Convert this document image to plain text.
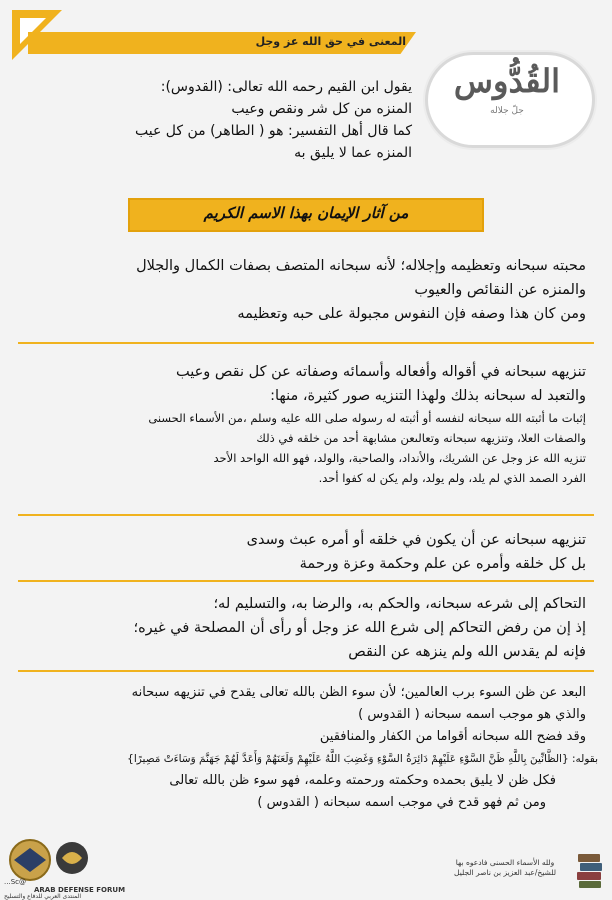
المعنى في حق الله عز وجل
القُدُّوس
جلّ جلاله

يقول ابن القيم رحمه الله تعالى: (القدوس):

المنزه من كل شر ونقص وعيب

كما قال أهل التفسير: هو ( الطاهر) من كل عيب

المنزه عما لا يليق به

من آثار الإيمان بهذا الاسم الكريم

محبته سبحانه وتعظيمه وإجلاله؛ لأنه سبحانه المتصف بصفات الكمال والجلال

والمنزه عن النقائص والعيوب

ومن كان هذا وصفه فإن النفوس مجبولة على حبه وتعظيمه

تنزيهه سبحانه في أقواله وأفعاله وأسمائه وصفاته عن كل نقص وعيب

والتعبد له سبحانه بذلك ولهذا التنزيه صور كثيرة، منها:

إثبات ما أثبته الله سبحانه لنفسه أو أثبته له رسوله صلى الله عليه وسلم ،من الأسماء الحسنى

والصفات العلا، وتنزيهه سبحانه وتعالىعن مشابهة أحد من خلقه في ذلك

تنزيه الله عز وجل عن الشريك، والأنداد، والصاحبة، والولد، فهو الله الواحد الأحد

الفرد الصمد الذي لم يلد، ولم يولد، ولم يكن له كفوا أحد.

تنزيهه سبحانه عن أن يكون في خلقه أو أمره عبث وسدى

بل كل خلقه وأمره عن علم وحكمة وعزة ورحمة

التحاكم إلى شرعه سبحانه، والحكم به، والرضا به، والتسليم له؛

إذ إن من رفض التحاكم إلى شرع الله عز وجل أو رأى أن المصلحة في غيره؛

فإنه لم يقدس الله ولم ينزهه عن النقص

البعد عن ظن السوء برب العالمين؛ لأن سوء الظن بالله تعالى يقدح في تنزيهه سبحانه

والذي هو موجب اسمه سبحانه ( القدوس )

وقد فضح الله سبحانه أقواما من الكفار والمنافقين

بقوله: {الظَّانِّينَ بِاللَّهِ ظَنَّ السَّوْءِ عَلَيْهِمْ دَائِرَةُ السَّوْءِ وَغَضِبَ اللَّهُ عَلَيْهِمْ وَلَعَنَهُمْ وَأَعَدَّ لَهُمْ جَهَنَّمَ وَسَاءَتْ مَصِيرًا}

فكل ظن لا يليق بحمده وحكمته ورحمته وعلمه، فهو سوء ظن بالله تعالى

ومن ثم فهو قدح في موجب اسمه سبحانه ( القدوس )

ولله الأسماء الحسنى فادعوه بها

للشيخ/عبد العزيز بن ناصر الجليل

@Sc...
ARAB DEFENSE FORUM
المنتدى العربي للدفاع والتسليح
